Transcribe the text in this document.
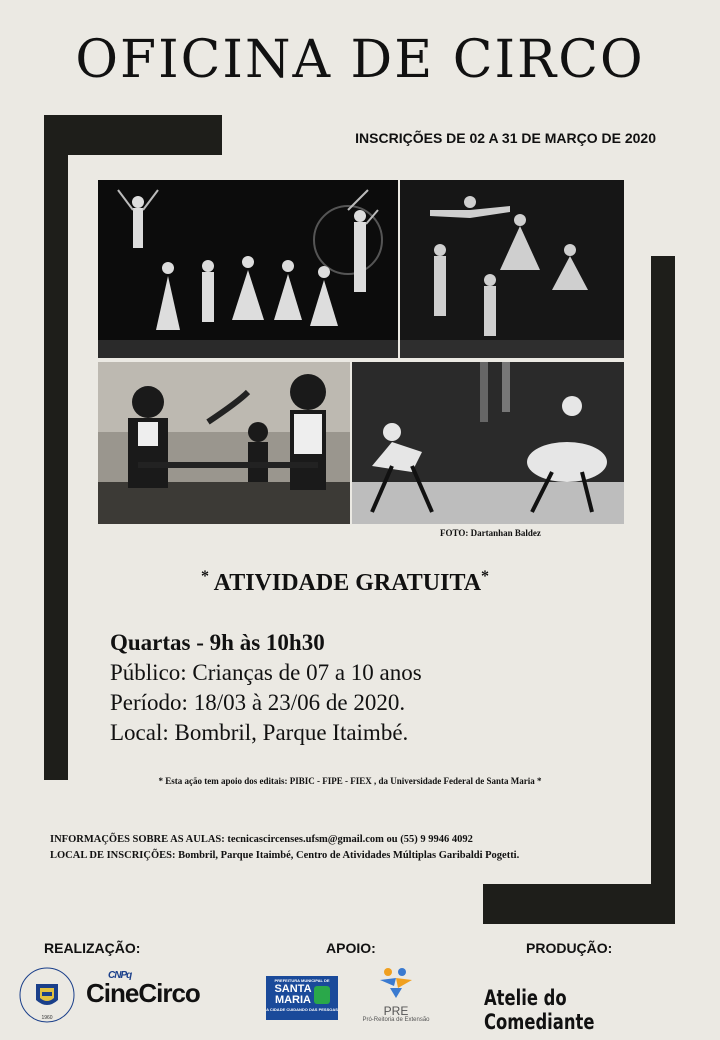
OFICINA DE CIRCO
INSCRIÇÕES DE 02 A 31 DE MARÇO DE 2020
FOTO: Dartanhan Baldez
* ATIVIDADE GRATUITA*
Quartas - 9h às 10h30
Público: Crianças de 07 a 10 anos
Período: 18/03 à 23/06 de 2020.
Local: Bombril, Parque Itaimbé.
* Esta ação tem apoio dos editais: PIBIC - FIPE - FIEX , da Universidade Federal de Santa Maria *
INFORMAÇÕES SOBRE AS AULAS: tecnicascircenses.ufsm@gmail.com ou (55) 9 9946 4092
LOCAL DE INSCRIÇÕES: Bombril, Parque Itaimbé, Centro de Atividades Múltiplas Garibaldi Pogetti.
REALIZAÇÃO:	APOIO:	PRODUÇÃO:
1960
CNPq
CineCirco	PREFEITURA MUNICIPAL DE
SANTA
MARIA
A CIDADE CUIDANDO DAS PESSOAS	PRE
Pró-Reitoria de Extensão
Atelie do Comediante
